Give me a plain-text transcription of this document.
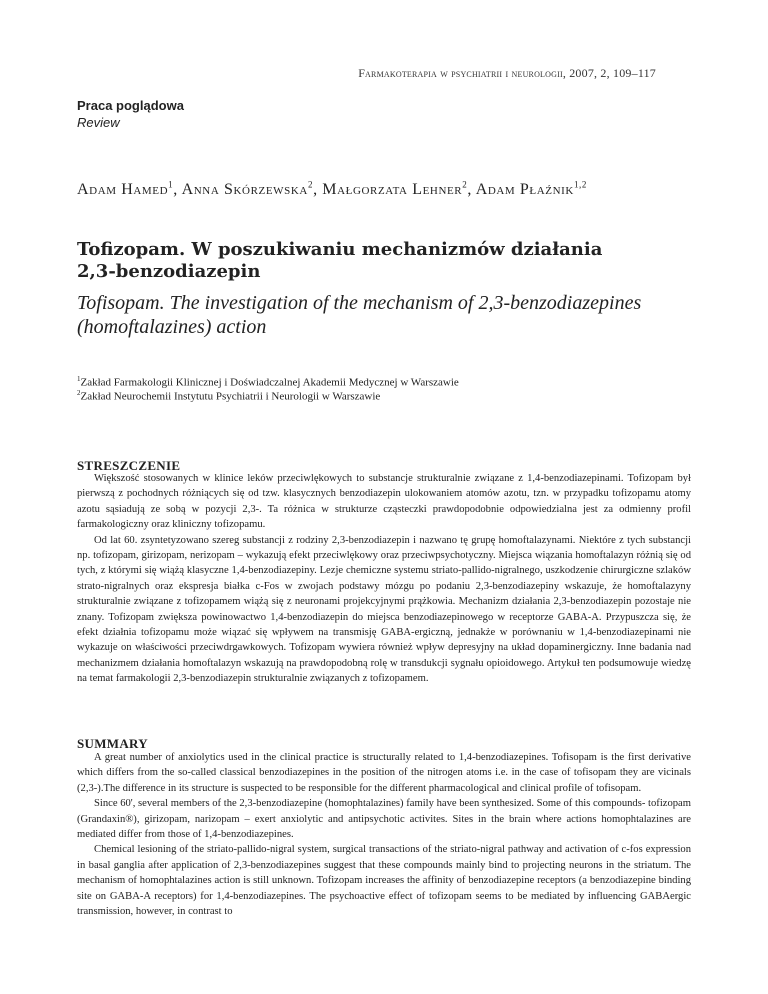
Farmakoterapia w psychiatrii i neurologii, 2007, 2, 109–117
Praca poglądowa
Review
Adam Hamed$^1$, Anna Skórzewska$^2$, Małgorzata Lehner$^2$, Adam Płaźnik$^{1,2}$
Tofizopam. W poszukiwaniu mechanizmów działania 2,3-benzodiazepin
Tofisopam. The investigation of the mechanism of 2,3-benzodiazepines (homoftalazines) action
$^1$Zakład Farmakologii Klinicznej i Doświadczalnej Akademii Medycznej w Warszawie
$^2$Zakład Neurochemii Instytutu Psychiatrii i Neurologii w Warszawie
STRESZCZENIE

Większość stosowanych w klinice leków przeciwlękowych to substancje strukturalnie związane z 1,4-benzodiazepinami. Tofizopam był pierwszą z pochodnych różniących się od tzw. klasycznych benzodiazepin ulokowaniem atomów azotu, tzn. w przypadku tofizopamu atomy azotu sąsiadują ze sobą w pozycji 2,3-. Ta różnica w strukturze cząsteczki prawdopodobnie odpowiedzialna jest za odmienny profil farmakologiczny oraz kliniczny tofizopamu.

Od lat 60. zsyntetyzowano szereg substancji z rodziny 2,3-benzodiazepin i nazwano tę grupę homoftalazynami. Niektóre z tych substancji np. tofizopam, girizopam, nerizopam – wykazują efekt przeciwlękowy oraz przeciwpsychotyczny. Miejsca wiązania homoftalazyn różnią się od tych, z którymi się wiążą klasyczne 1,4-benzodiazepiny. Lezje chemiczne systemu striato-pallido-nigralnego, uszkodzenie chirurgiczne szlaków strato-nigralnych oraz ekspresja białka c-Fos w zwojach podstawy mózgu po podaniu 2,3-benzodiazepiny wskazuje, że homoftalazyny strukturalnie związane z tofizopamem wiążą się z neuronami projekcyjnymi prążkowia. Mechanizm działania 2,3-benzodiazepin pozostaje nie znany. Tofizopam zwiększa powinowactwo 1,4-benzodiazepin do miejsca benzodiazepinowego w receptorze GABA-A. Przypuszcza się, że efekt działnia tofizopamu może wiązać się wpływem na transmisję GABA-ergiczną, jednakże w porównaniu w 1,4-benzodiazepinami nie wykazuje on właściwości przeciwdrgawkowych. Tofizopam wywiera również wpływ depresyjny na układ dopaminergiczny. Inne badania nad mechanizmem działania homoftalazyn wskazują na prawdopodobną rolę w transdukcji sygnału opioidowego. Artykuł ten podsumowuje wiedzę na temat farmakologii 2,3-benzodiazepin strukturalnie związanych z tofizopamem.

SUMMARY

A great number of anxiolytics used in the clinical practice is structurally related to 1,4-benzodiazepines. Tofisopam is the first derivative which differs from the so-called classical benzodiazepines in the position of the nitrogen atoms i.e. in the case of tofisopam they are vicinals (2,3-).The difference in its structure is suspected to be responsible for the different pharmacological and clinical profile of tofisopam.

Since 60', several members of the 2,3-benzodiazepine (homophtalazines) family have been synthesized. Some of this compounds- tofizopam (Grandaxin®), girizopam, narizopam – exert anxiolytic and antipsychotic activites. Sites in the brain where actions homophtalazines are mediated differ from those of 1,4-benzodiazepines.

Chemical lesioning of the striato-pallido-nigral system, surgical transactions of the striato-nigral pathway and activation of c-fos expression in basal ganglia after application of 2,3-benzodiazepines suggest that these compounds mainly bind to projecting neurons in the striatum. The mechanism of homophtalazines action is still unknown. Tofizopam increases the affinity of benzodiazepine receptors (a benzodiazepine binding site on GABA-A receptors) for 1,4-benzodiazepines. The psychoactive effect of tofizopam seems to be mediated by influencing GABAergic transmission, however, in contrast to
